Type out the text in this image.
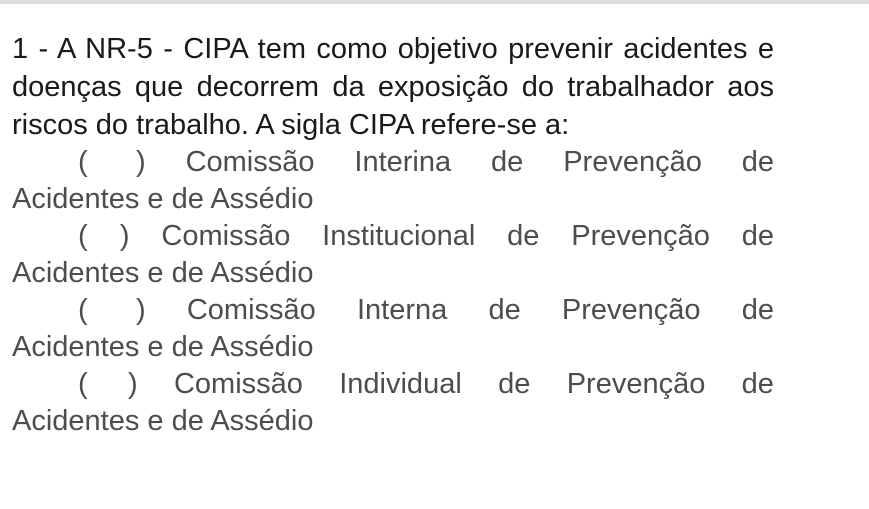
1 - A NR-5 - CIPA tem como objetivo prevenir acidentes e doenças que decorrem da exposição do trabalhador aos riscos do trabalho. A sigla CIPA refere-se a:

( ) Comissão Interina de Prevenção de
Acidentes e de Assédio
( ) Comissão Institucional de Prevenção de
Acidentes e de Assédio
( ) Comissão Interna de Prevenção de
Acidentes e de Assédio
( ) Comissão Individual de Prevenção de
Acidentes e de Assédio
